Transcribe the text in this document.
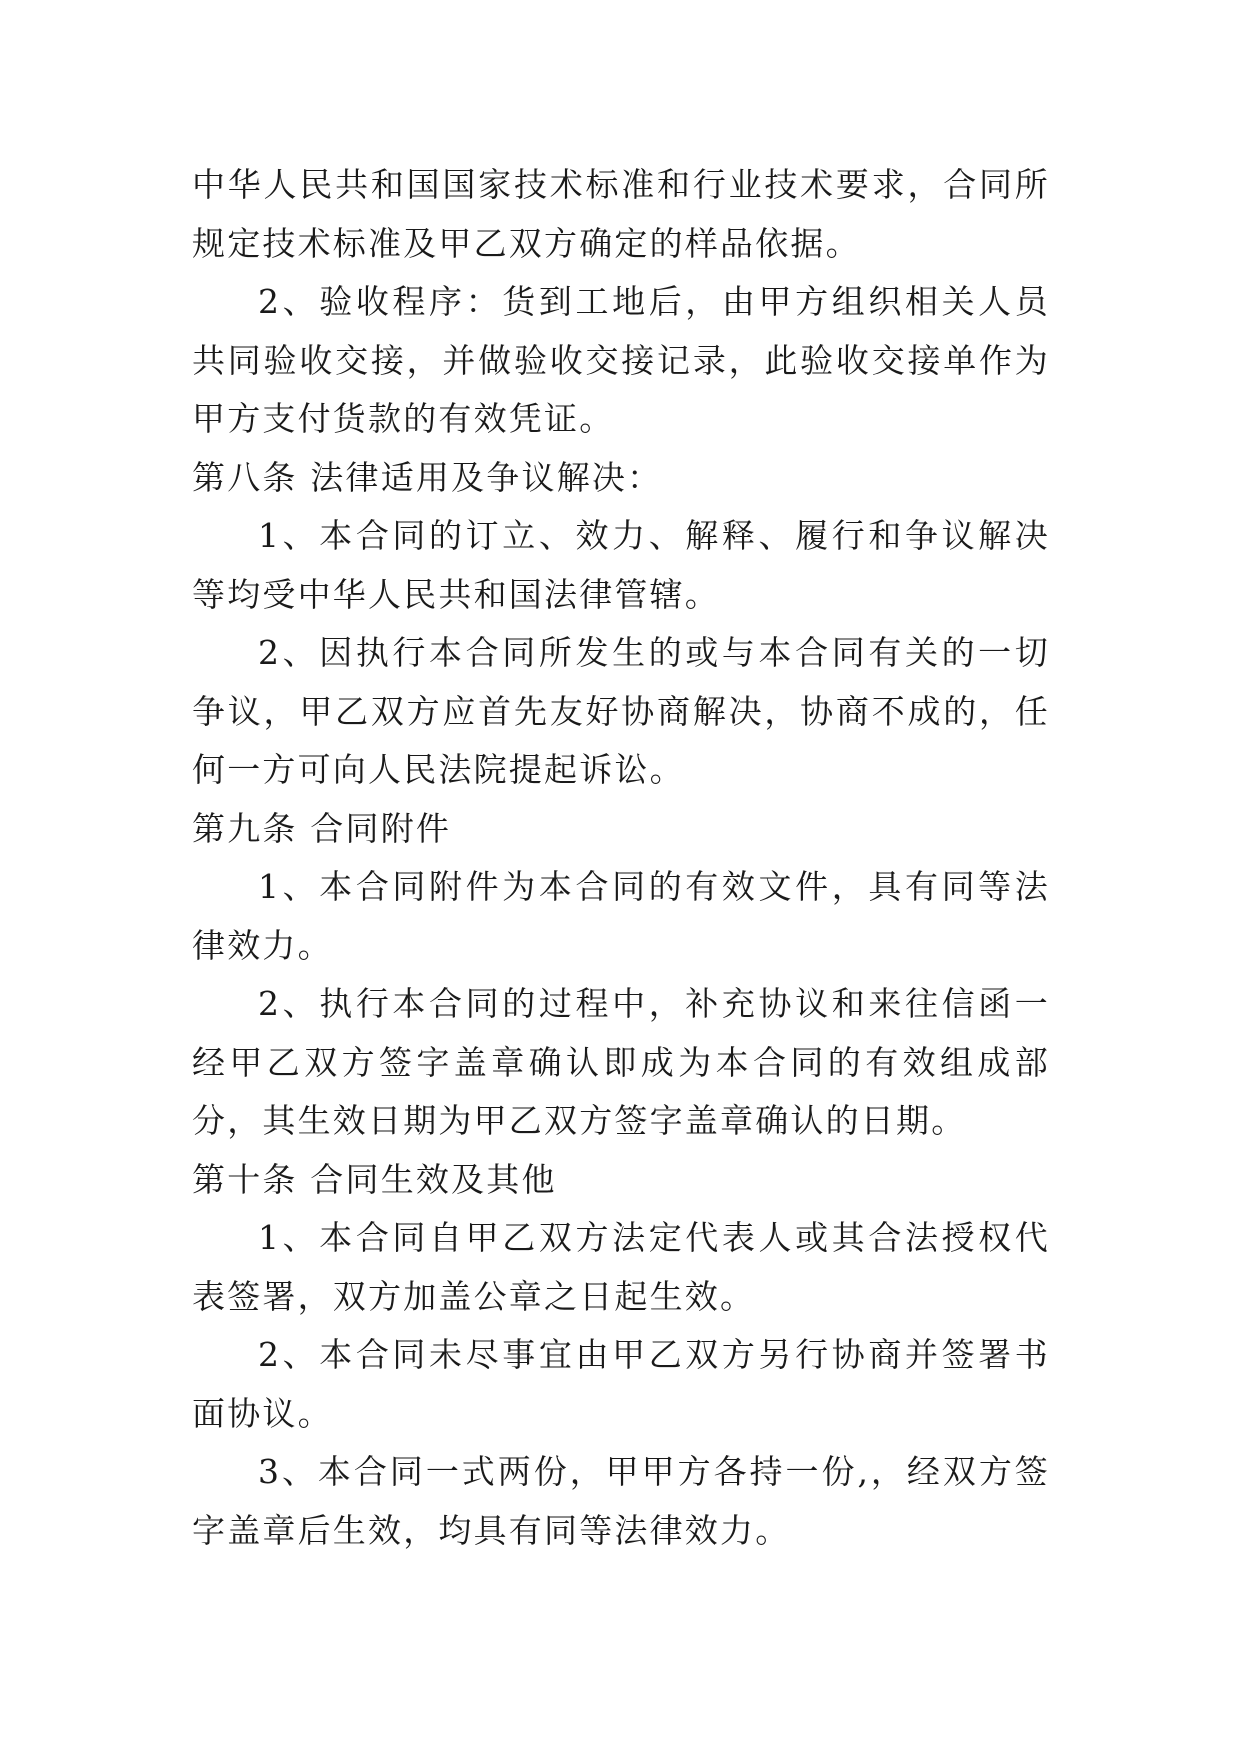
中华人民共和国国家技术标准和行业技术要求，合同所规定技术标准及甲乙双方确定的样品依据。

2、验收程序：货到工地后，由甲方组织相关人员共同验收交接，并做验收交接记录，此验收交接单作为甲方支付货款的有效凭证。

第八条 法律适用及争议解决：

1、本合同的订立、效力、解释、履行和争议解决等均受中华人民共和国法律管辖。

2、因执行本合同所发生的或与本合同有关的一切争议，甲乙双方应首先友好协商解决，协商不成的，任何一方可向人民法院提起诉讼。

第九条 合同附件

1、本合同附件为本合同的有效文件，具有同等法律效力。

2、执行本合同的过程中，补充协议和来往信函一经甲乙双方签字盖章确认即成为本合同的有效组成部分，其生效日期为甲乙双方签字盖章确认的日期。

第十条 合同生效及其他

1、本合同自甲乙双方法定代表人或其合法授权代表签署，双方加盖公章之日起生效。

2、本合同未尽事宜由甲乙双方另行协商并签署书面协议。

3、本合同一式两份，甲甲方各持一份,，经双方签字盖章后生效，均具有同等法律效力。
